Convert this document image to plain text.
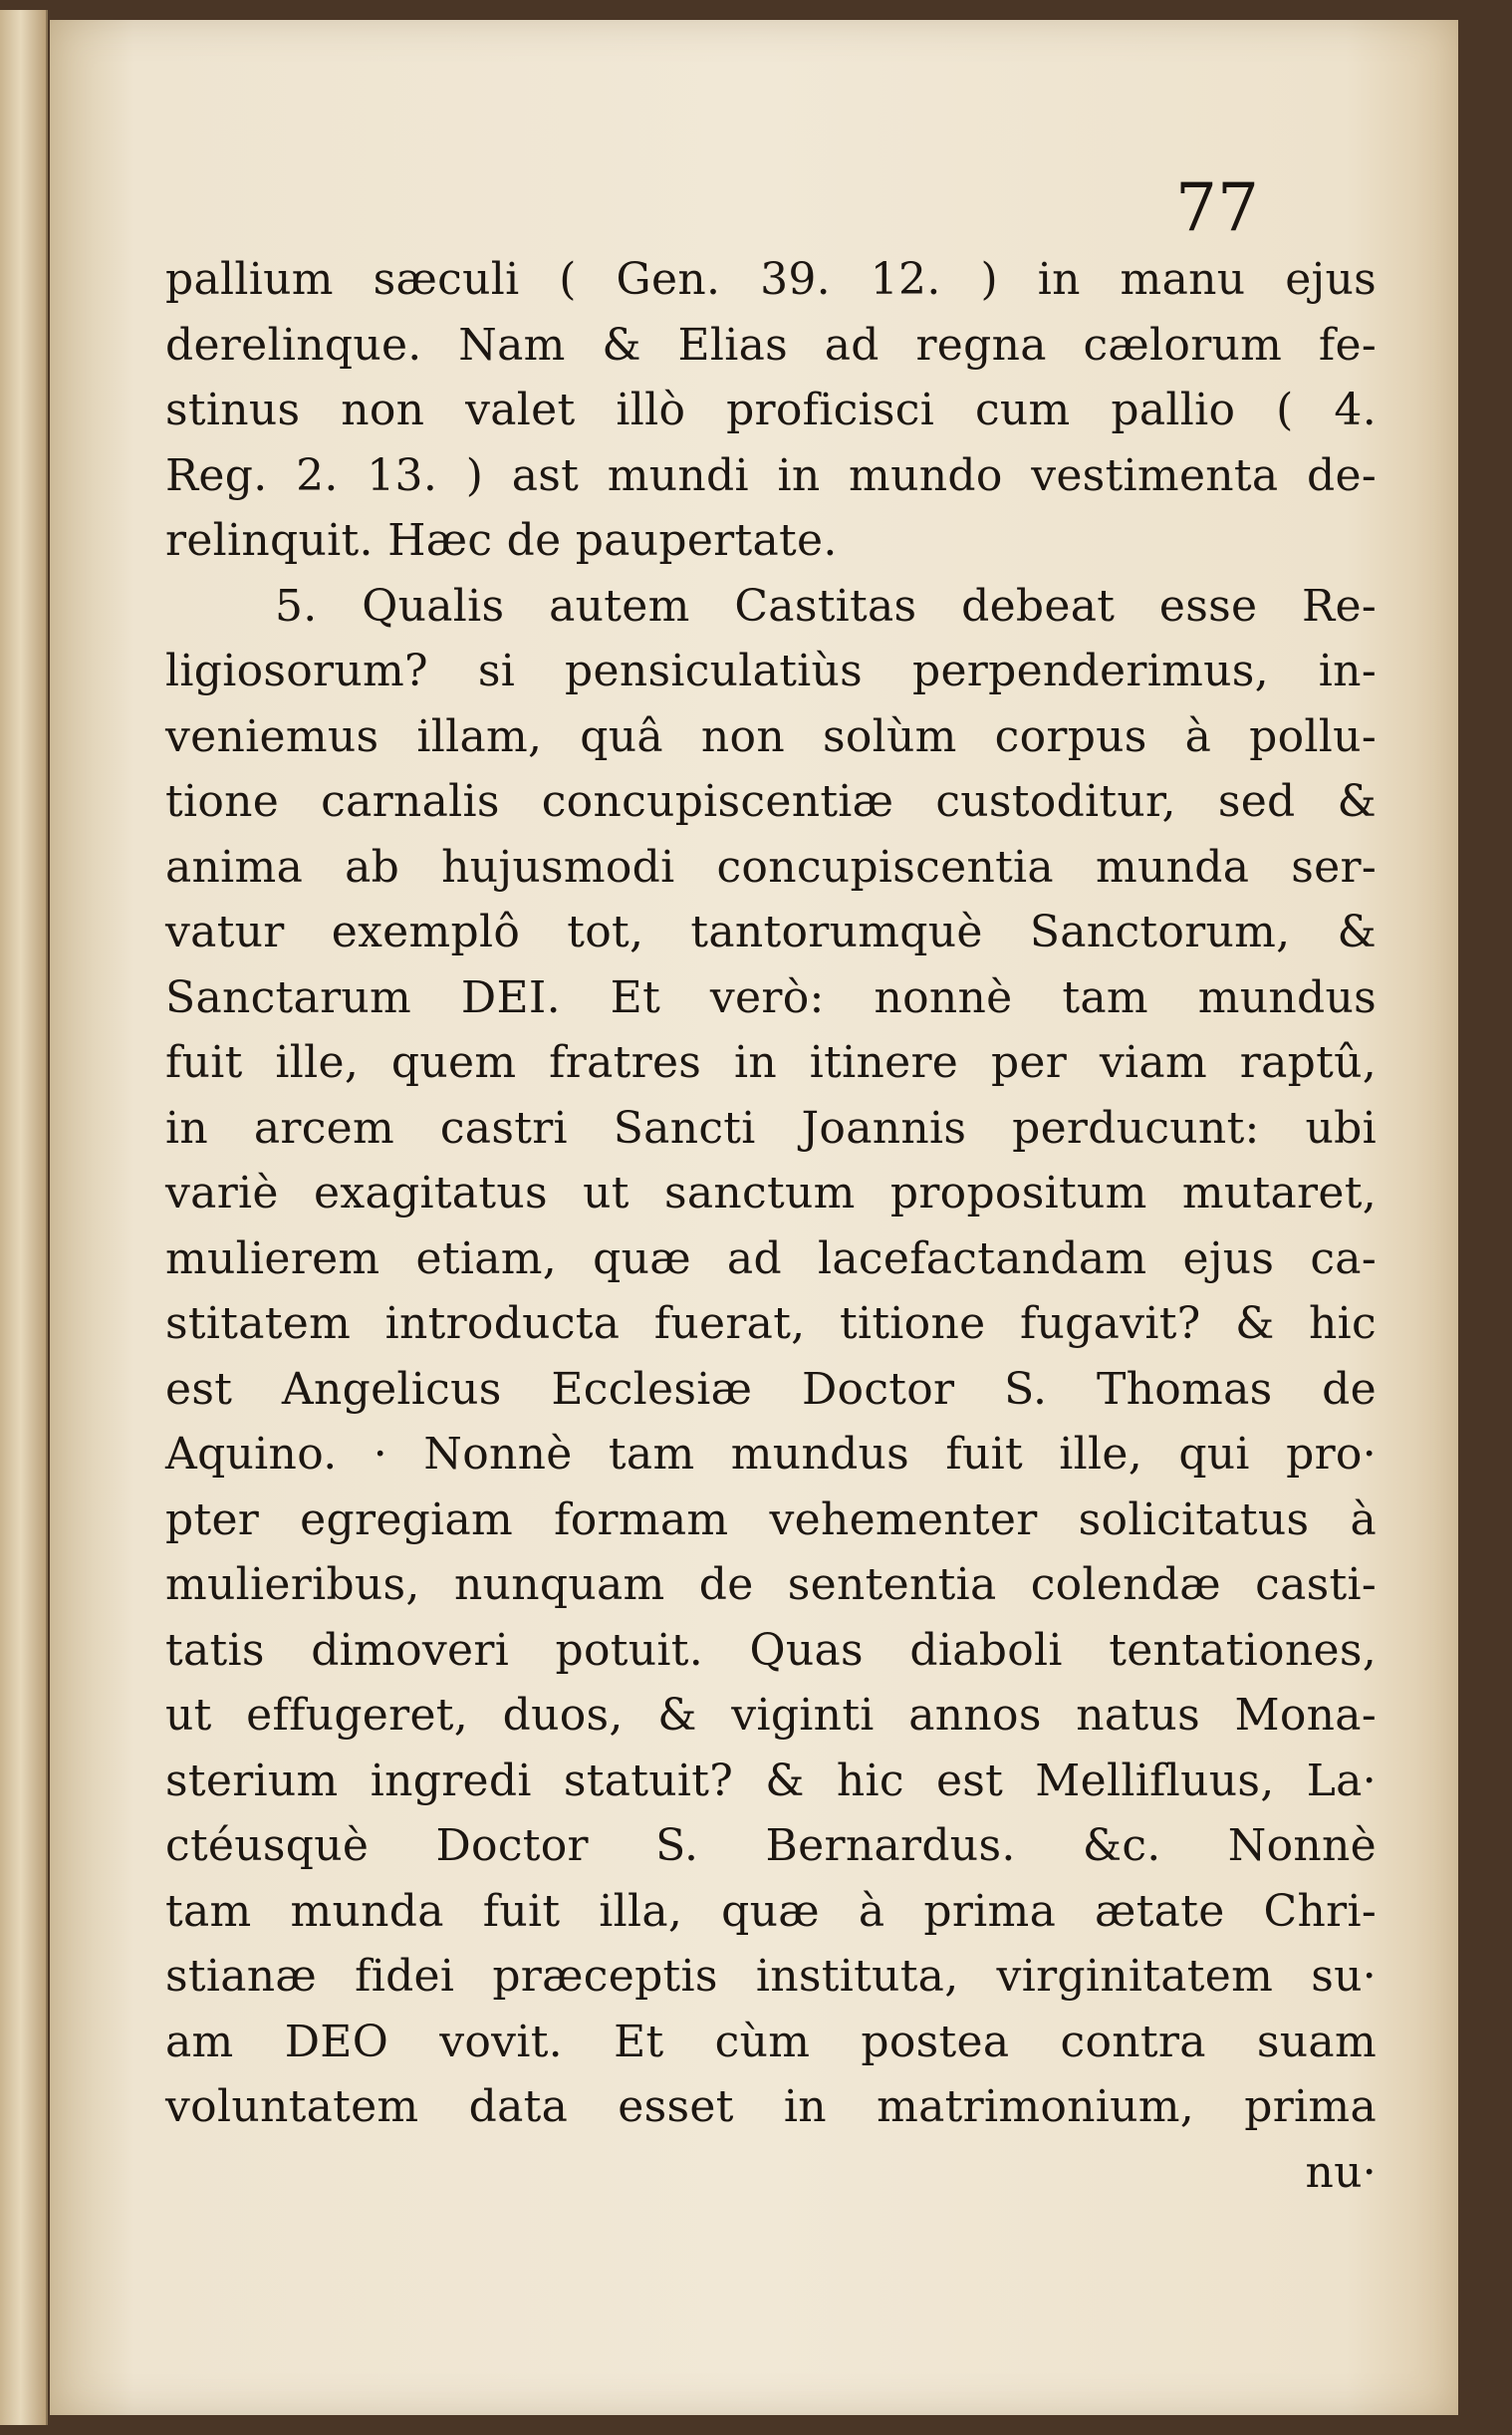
77
pallium sæculi ( Gen. 39. 12. ) in manu ejus
derelinque. Nam & Elias ad regna cælorum fe-
stinus non valet illò proficisci cum pallio ( 4.
Reg. 2. 13. ) ast mundi in mundo vestimenta de-
relinquit. Hæc de paupertate.
5. Qualis autem Castitas debeat esse Re-
ligiosorum? si pensiculatiùs perpenderimus, in-
veniemus illam, quâ non solùm corpus à pollu-
tione carnalis concupiscentiæ custoditur, sed &
anima ab hujusmodi concupiscentia munda ser-
vatur exemplô tot, tantorumquè Sanctorum, &
Sanctarum DEI. Et verò: nonnè tam mundus
fuit ille, quem fratres in itinere per viam raptû,
in arcem castri Sancti Joannis perducunt: ubi
variè exagitatus ut sanctum propositum mutaret,
mulierem etiam, quæ ad lacefactandam ejus ca-
stitatem introducta fuerat, titione fugavit? & hic
est Angelicus Ecclesiæ Doctor S. Thomas de
Aquino. · Nonnè tam mundus fuit ille, qui pro·
pter egregiam formam vehementer solicitatus à
mulieribus, nunquam de sententia colendæ casti-
tatis dimoveri potuit. Quas diaboli tentationes,
ut effugeret, duos, & viginti annos natus Mona-
sterium ingredi statuit? & hic est Mellifluus, La·
ctéusquè Doctor S. Bernardus. &c. Nonnè
tam munda fuit illa, quæ à prima ætate Chri-
stianæ fidei præceptis instituta, virginitatem su·
am DEO vovit. Et cùm postea contra suam
voluntatem data esset in matrimonium, prima
nu·
